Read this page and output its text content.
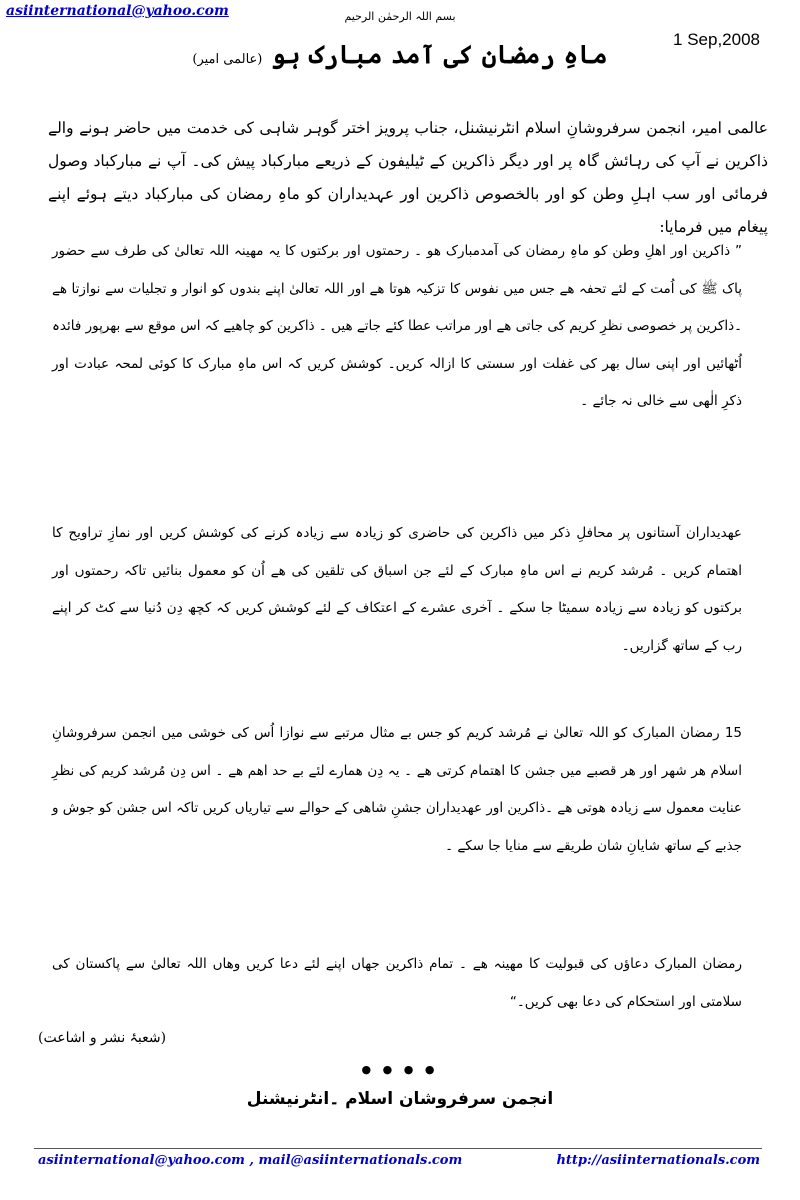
asiinternational@yahoo.com	بسم اللہ الرحمٰن الرحیم
1 Sep,2008
ماہِ رمضان کی آمد مبارک ہو (عالمی امیر)
عالمی امیر، انجمن سرفروشانِ اسلام انٹرنیشنل، جناب پرویز اختر گوہر شاہی کی خدمت میں حاضر ہونے والے ذاکرین نے آپ کی رہائش گاہ پر اور دیگر ذاکرین کے ٹیلیفون کے ذریعے مبارکباد پیش کی۔ آپ نے مبارکباد وصول فرمائی اور سب اہلِ وطن کو اور بالخصوص ذاکرین اور عہدیداران کو ماہِ رمضان کی مبارکباد دیتے ہوئے اپنے پیغام میں فرمایا:
” ذاکرین اور اھلِ وطن کو ماہِ رمضان کی آمدمبارک ھو ۔ رحمتوں اور برکتوں کا یہ مھینہ اللہ تعالیٰ کی طرف سے حضور پاک ﷺ کی اُمت کے لئے تحفہ ھے جس میں نفوس کا تزکیہ ھوتا ھے اور اللہ تعالیٰ اپنے بندوں کو انوار و تجلیات سے نوازتا ھے ۔ذاکرین پر خصوصی نظرِ کریم کی جاتی ھے اور مراتب عطا کئے جاتے ھیں ۔ ذاکرین کو چاھیے کہ اس موقع سے بھرپور فائدہ اُٹھائیں اور اپنی سال بھر کی غفلت اور سستی کا ازالہ کریں۔ کوشش کریں کہ اس ماہِ مبارک کا کوئی لمحہ عبادت اور ذکرِ الٰھی سے خالی نہ جائے ۔
عھدیداران آستانوں پر محافلِ ذکر میں ذاکرین کی حاضری کو زیادہ سے زیادہ کرنے کی کوشش کریں اور نمازِ تراویح کا اھتمام کریں ۔ مُرشد کریم نے اس ماہِ مبارک کے لئے جن اسباق کی تلقین کی ھے اُن کو معمول بنائیں تاکہ رحمتوں اور برکتوں کو زیادہ سے زیادہ سمیٹا جا سکے ۔ آخری عشرے کے اعتکاف کے لئے کوشش کریں کہ کچھ دِن دُنیا سے کٹ کر اپنے رب کے ساتھ گزاریں۔
15 رمضان المبارک کو اللہ تعالیٰ نے مُرشد کریم کو جس بے مثال مرتبے سے نوازا اُس کی خوشی میں انجمن سرفروشانِ اسلام ھر شھر اور ھر قصبے میں جشن کا اھتمام کرتی ھے ۔ یہ دِن ھمارے لئے بے حد اھم ھے ۔ اس دِن مُرشد کریم کی نظرِ عنایت معمول سے زیادہ ھوتی ھے ۔ذاکرین اور عھدیداران جشنِ شاھی کے حوالے سے تیاریاں کریں تاکہ اس جشن کو جوش و جذبے کے ساتھ شایانِ شان طریقے سے منایا جا سکے ۔
رمضان المبارک دعاؤں کی قبولیت کا مھینہ ھے ۔ تمام ذاکرین جھاں اپنے لئے دعا کریں وھاں اللہ تعالیٰ سے پاکستان کی سلامتی اور استحکام کی دعا بھی کریں۔“
(شعبۂ نشر و اشاعت)
● ● ● ●
انجمن سرفروشان اسلام ۔انٹرنیشنل
asiinternational@yahoo.com , mail@asiinternationals.com	http://asiinternationals.com
